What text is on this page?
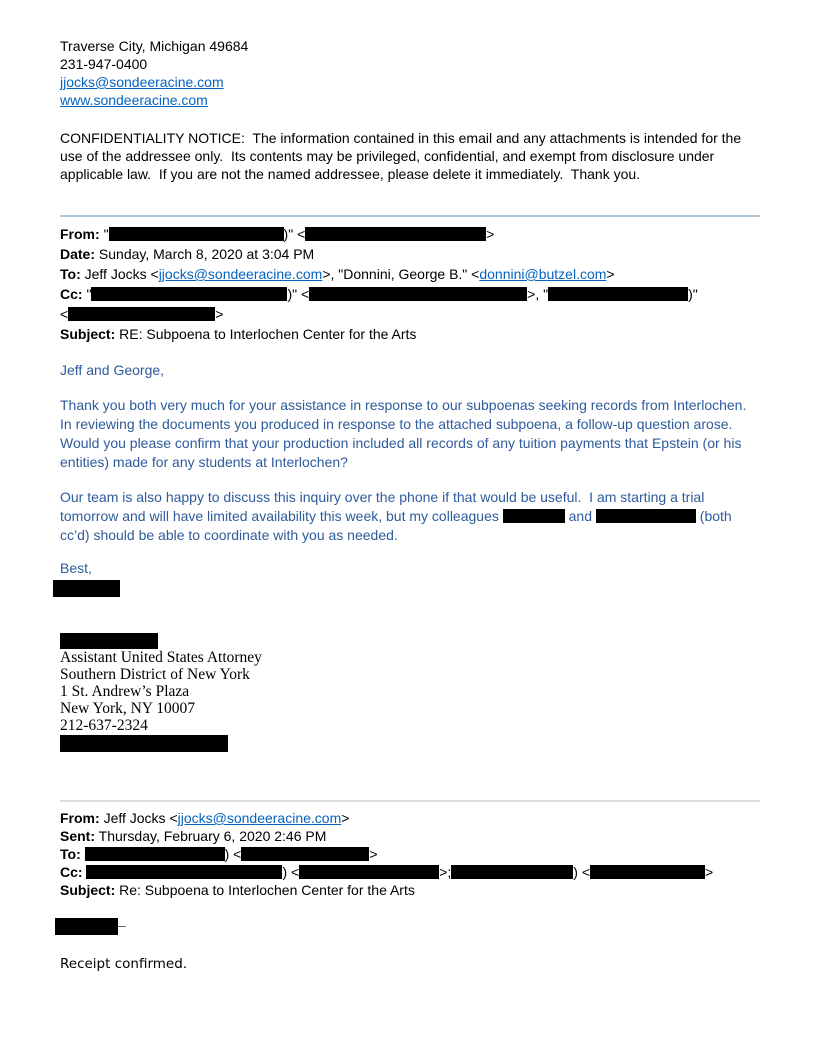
Traverse City, Michigan 49684
231-947-0400
jjocks@sondeeracine.com
www.sondeeracine.com
CONFIDENTIALITY NOTICE:  The information contained in this email and any attachments is intended for the use of the addressee only.  Its contents may be privileged, confidential, and exempt from disclosure under applicable law.  If you are not the named addressee, please delete it immediately.  Thank you.
From: "	)" <	>
Date: Sunday, March 8, 2020 at 3:04 PM
To: Jeff Jocks <jjocks@sondeeracine.com>, "Donnini, George B." <donnini@butzel.com>
Cc: "	)" <	>, "	)"
<	>
Subject: RE: Subpoena to Interlochen Center for the Arts
Jeff and George,
Thank you both very much for your assistance in response to our subpoenas seeking records from Interlochen.  In reviewing the documents you produced in response to the attached subpoena, a follow-up question arose.  Would you please confirm that your production included all records of any tuition payments that Epstein (or his entities) made for any students at Interlochen?
Our team is also happy to discuss this inquiry over the phone if that would be useful.  I am starting a trial tomorrow and will have limited availability this week, but my colleagues	and	(both cc’d) should be able to coordinate with you as needed.
Best,
Assistant United States Attorney
Southern District of New York
1 St. Andrew’s Plaza
New York, NY 10007
212-637-2324
From: Jeff Jocks <jjocks@sondeeracine.com>
Sent: Thursday, February 6, 2020 2:46 PM
To:	) <	>
Cc:	) <	>;	) <	>
Subject: Re: Subpoena to Interlochen Center for the Arts
–
Receipt confirmed.
